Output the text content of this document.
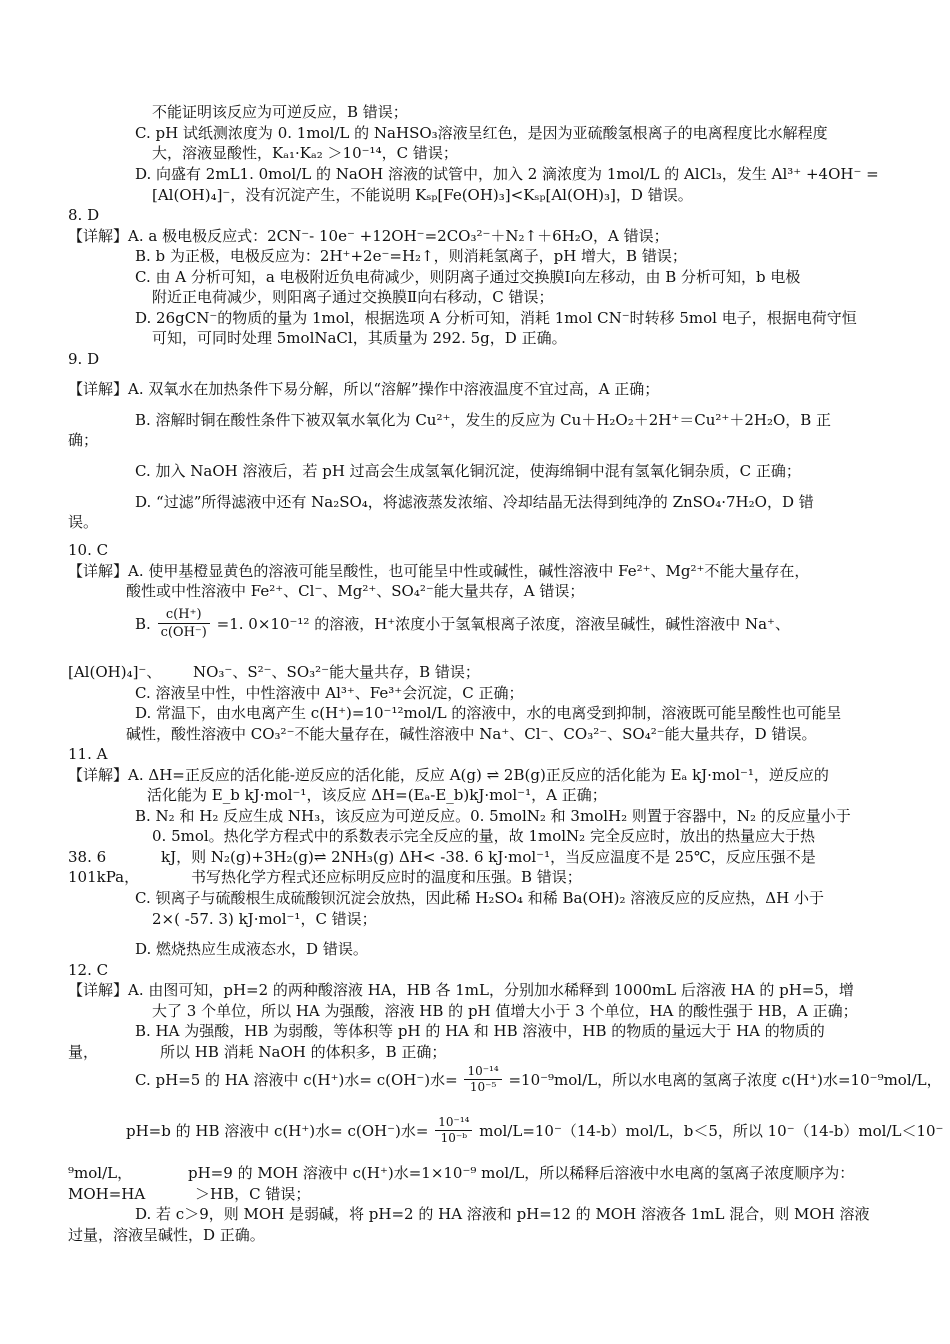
不能证明该反应为可逆反应，B 错误；
C. pH 试纸测浓度为 0. 1mol/L 的 NaHSO₃溶液呈红色，是因为亚硫酸氢根离子的电离程度比水解程度
大，溶液显酸性，Kₐ₁·Kₐ₂ ＞10⁻¹⁴，C 错误；
D. 向盛有 2mL1. 0mol/L 的 NaOH 溶液的试管中，加入 2 滴浓度为 1mol/L 的 AlCl₃，发生 Al³⁺ +4OH⁻ =
[Al(OH)₄]⁻，没有沉淀产生，不能说明 Kₛₚ[Fe(OH)₃]<Kₛₚ[Al(OH)₃]，D 错误。
8. D
【详解】A. a 极电极反应式：2CN⁻- 10e⁻ +12OH⁻=2CO₃²⁻＋N₂↑＋6H₂O，A 错误；
B. b 为正极，电极反应为：2H⁺+2e⁻=H₂↑，则消耗氢离子，pH 增大，B 错误；
C. 由 A 分析可知，a 电极附近负电荷减少，则阴离子通过交换膜Ⅰ向左移动，由 B 分析可知，b 电极
附近正电荷减少，则阳离子通过交换膜Ⅱ向右移动，C 错误；
D. 26gCN⁻的物质的量为 1mol，根据选项 A 分析可知，消耗 1mol CN⁻时转移 5mol 电子，根据电荷守恒
可知，可同时处理 5molNaCl，其质量为 292. 5g，D 正确。
9. D
【详解】A. 双氧水在加热条件下易分解，所以“溶解”操作中溶液温度不宜过高，A 正确；
B. 溶解时铜在酸性条件下被双氧水氧化为 Cu²⁺，发生的反应为 Cu＋H₂O₂＋2H⁺＝Cu²⁺＋2H₂O，B 正
确；
C. 加入 NaOH 溶液后，若 pH 过高会生成氢氧化铜沉淀，使海绵铜中混有氢氧化铜杂质，C 正确；
D. “过滤”所得滤液中还有 Na₂SO₄，将滤液蒸发浓缩、冷却结晶无法得到纯净的 ZnSO₄·7H₂O，D 错
误。
10. C
【详解】A. 使甲基橙显黄色的溶液可能呈酸性，也可能呈中性或碱性，碱性溶液中 Fe²⁺、Mg²⁺不能大量存在，
酸性或中性溶液中 Fe²⁺、Cl⁻、Mg²⁺、SO₄²⁻能大量共存，A 错误；
B. $\frac{c(H^+)}{c(OH^-)} =1$. 0×10⁻¹² 的溶液，H⁺浓度小于氢氧根离子浓度，溶液呈碱性，碱性溶液中 Na⁺、
[Al(OH)₄]⁻、 NO₃⁻、S²⁻、SO₃²⁻能大量共存，B 错误；
C. 溶液呈中性，中性溶液中 Al³⁺、Fe³⁺会沉淀，C 正确；
D. 常温下，由水电离产生 c(H⁺)=10⁻¹²mol/L 的溶液中，水的电离受到抑制，溶液既可能呈酸性也可能呈
碱性，酸性溶液中 CO₃²⁻不能大量存在，碱性溶液中 Na⁺、Cl⁻、CO₃²⁻、SO₄²⁻能大量共存，D 错误。
11. A
【详解】A. ΔH=正反应的活化能-逆反应的活化能，反应 A(g) ⇌ 2B(g)正反应的活化能为 Eₐ kJ·mol⁻¹，逆反应的
活化能为 E_b kJ·mol⁻¹，该反应 ΔH=(Eₐ-E_b)kJ·mol⁻¹，A 正确；
B. N₂ 和 H₂ 反应生成 NH₃，该反应为可逆反应。0. 5molN₂ 和 3molH₂ 则置于容器中，N₂ 的反应量小于
0. 5mol。热化学方程式中的系数表示完全反应的量，故 1molN₂ 完全反应时，放出的热量应大于热
38. 6	kJ，则 N₂(g)+3H₂(g)⇌ 2NH₃(g) ΔH< -38. 6 kJ·mol⁻¹，当反应温度不是 25℃，反应压强不是
101kPa，	书写热化学方程式还应标明反应时的温度和压强。B 错误；
C. 钡离子与硫酸根生成硫酸钡沉淀会放热，因此稀 H₂SO₄ 和稀 Ba(OH)₂ 溶液反应的反应热，ΔH 小于
2×( -57. 3) kJ·mol⁻¹，C 错误；
D. 燃烧热应生成液态水，D 错误。
12. C
【详解】A. 由图可知，pH=2 的两种酸溶液 HA，HB 各 1mL，分别加水稀释到 1000mL 后溶液 HA 的 pH=5，增
大了 3 个单位，所以 HA 为强酸，溶液 HB 的 pH 值增大小于 3 个单位，HA 的酸性强于 HB，A 正确；
B. HA 为强酸，HB 为弱酸，等体积等 pH 的 HA 和 HB 溶液中，HB 的物质的量远大于 HA 的物质的
量，	所以 HB 消耗 NaOH 的体积多，B 正确；
C. pH=5 的 HA 溶液中 c(H⁺)水= c(OH⁻)水= $\frac{\text{10⁻¹⁴}}{\text{10⁻⁵}} =10^{-9}mol/L$，所以水电离的氢离子浓度 c(H⁺)水=10⁻⁹mol/L，
pH=b 的 HB 溶液中 c(H⁺)水= c(OH⁻)水= $\frac{\text{10⁻¹⁴}}{\text{10⁻ᵇ}} mol/L=10^-(14-b)mol/L$，b＜5，所以 10⁻（14-b）mol/L＜10⁻
⁹mol/L，	pH=9 的 MOH 溶液中 c(H⁺)水=1×10⁻⁹ mol/L，所以稀释后溶液中水电离的氢离子浓度顺序为：
MOH=HA	＞HB，C 错误；
D. 若 c＞9，则 MOH 是弱碱，将 pH=2 的 HA 溶液和 pH=12 的 MOH 溶液各 1mL 混合，则 MOH 溶液
过量，溶液呈碱性，D 正确。
